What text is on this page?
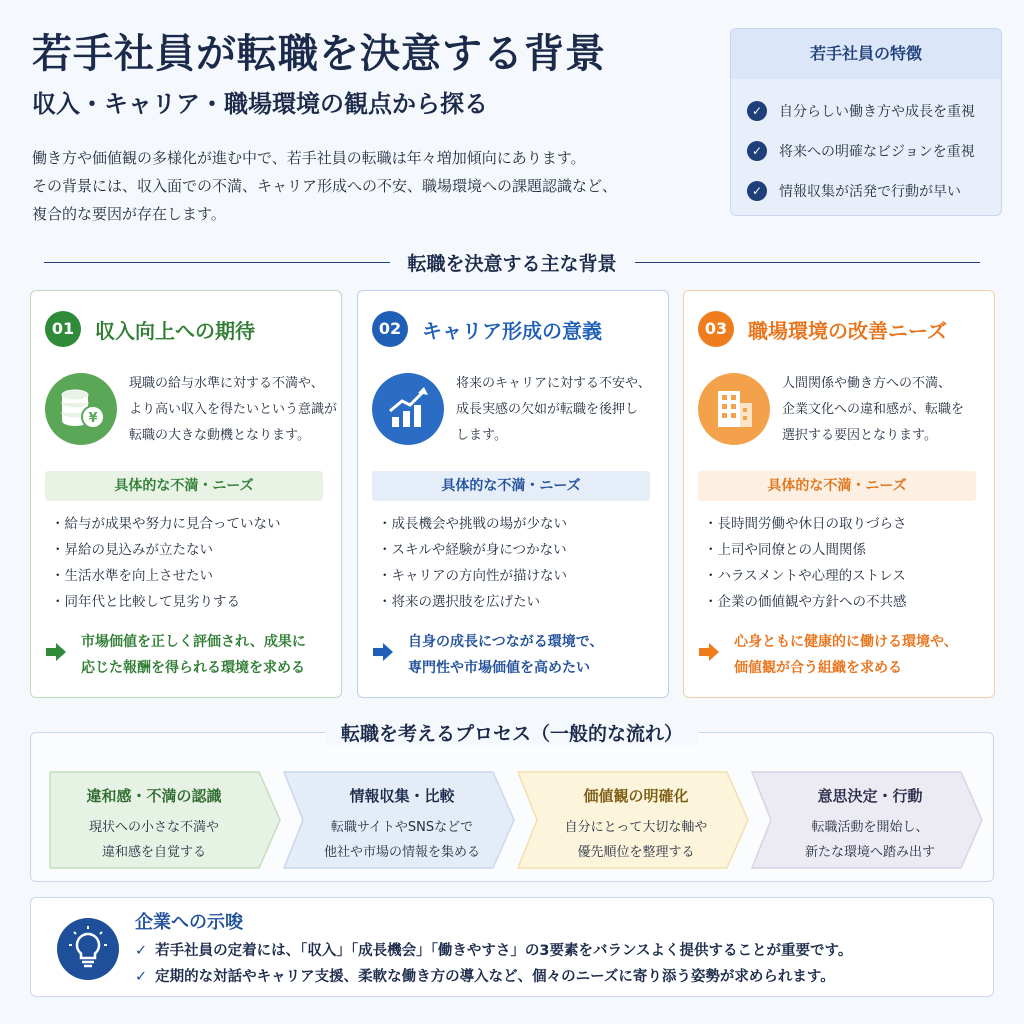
若手社員が転職を決意する背景
収入・キャリア・職場環境の観点から探る

働き方や価値観の多様化が進む中で、若手社員の転職は年々増加傾向にあります。

その背景には、収入面での不満、キャリア形成への不安、職場環境への課題認識など、

複合的な要因が存在します。

若手社員の特徴
✓	自分らしい働き方や成長を重視
✓	将来への明確なビジョンを重視
✓	情報収集が活発で行動が早い
転職を決意する主な背景
01	収入向上への期待
¥

現職の給与水準に対する不満や、

より高い収入を得たいという意識が

転職の大きな動機となります。

具体的な不満・ニーズ
・ 給与が成果や努力に見合っていない
・ 昇給の見込みが立たない
・ 生活水準を向上させたい
・ 同年代と比較して見劣りする

市場価値を正しく評価され、成果に

応じた報酬を得られる環境を求める

02	キャリア形成の意義

将来のキャリアに対する不安や、

成長実感の欠如が転職を後押し

します。

具体的な不満・ニーズ
・ 成長機会や挑戦の場が少ない
・ スキルや経験が身につかない
・ キャリアの方向性が描けない
・ 将来の選択肢を広げたい

自身の成長につながる環境で、

専門性や市場価値を高めたい

03	職場環境の改善ニーズ

人間関係や働き方への不満、

企業文化への違和感が、転職を

選択する要因となります。

具体的な不満・ニーズ
・ 長時間労働や休日の取りづらさ
・ 上司や同僚との人間関係
・ ハラスメントや心理的ストレス
・ 企業の価値観や方針への不共感

心身ともに健康的に働ける環境や、

価値観が合う組織を求める

転職を考えるプロセス（一般的な流れ）
違和感・不満の認識

現状への小さな不満や

違和感を自覚する

情報収集・比較

転職サイトやSNSなどで

他社や市場の情報を集める

価値観の明確化

自分にとって大切な軸や

優先順位を整理する

意思決定・行動

転職活動を開始し、

新たな環境へ踏み出す

企業への示唆
✓ 若手社員の定着には、「収入」「成長機会」「働きやすさ」の3要素をバランスよく提供することが重要です。
✓ 定期的な対話やキャリア支援、柔軟な働き方の導入など、個々のニーズに寄り添う姿勢が求められます。
